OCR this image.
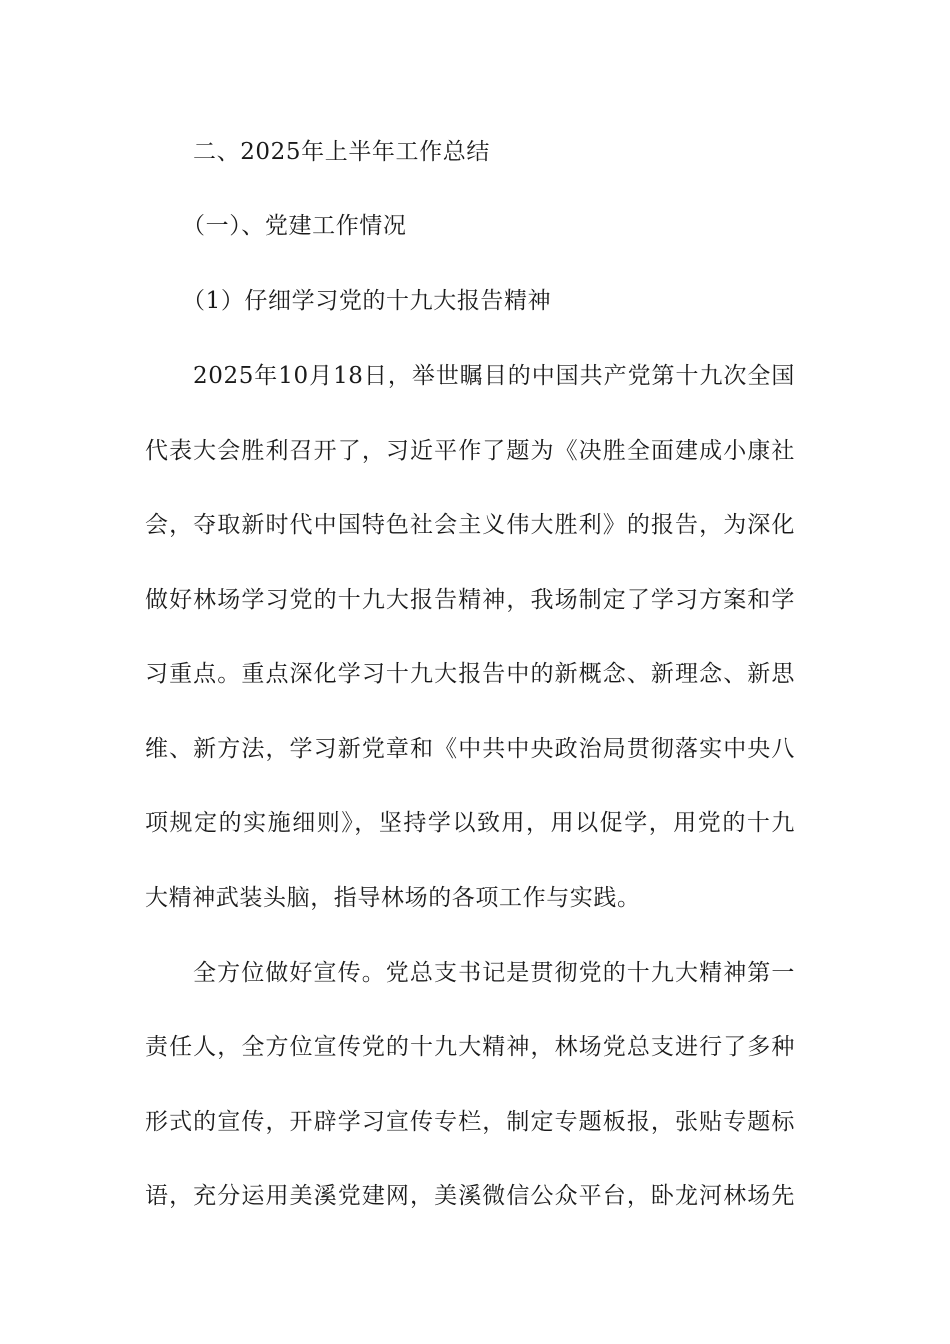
二、2025年上半年工作总结
（一）、党建工作情况
（1）仔细学习党的十九大报告精神
2025年10月18日，举世瞩目的中国共产党第十九次全国
代表大会胜利召开了，习近平作了题为《决胜全面建成小康社
会，夺取新时代中国特色社会主义伟大胜利》的报告，为深化
做好林场学习党的十九大报告精神，我场制定了学习方案和学
习重点。重点深化学习十九大报告中的新概念、新理念、新思
维、新方法，学习新党章和《中共中央政治局贯彻落实中央八
项规定的实施细则》，坚持学以致用，用以促学，用党的十九
大精神武装头脑，指导林场的各项工作与实践。
全方位做好宣传。党总支书记是贯彻党的十九大精神第一
责任人，全方位宣传党的十九大精神，林场党总支进行了多种
形式的宣传，开辟学习宣传专栏，制定专题板报，张贴专题标
语，充分运用美溪党建网，美溪微信公众平台，卧龙河林场先
